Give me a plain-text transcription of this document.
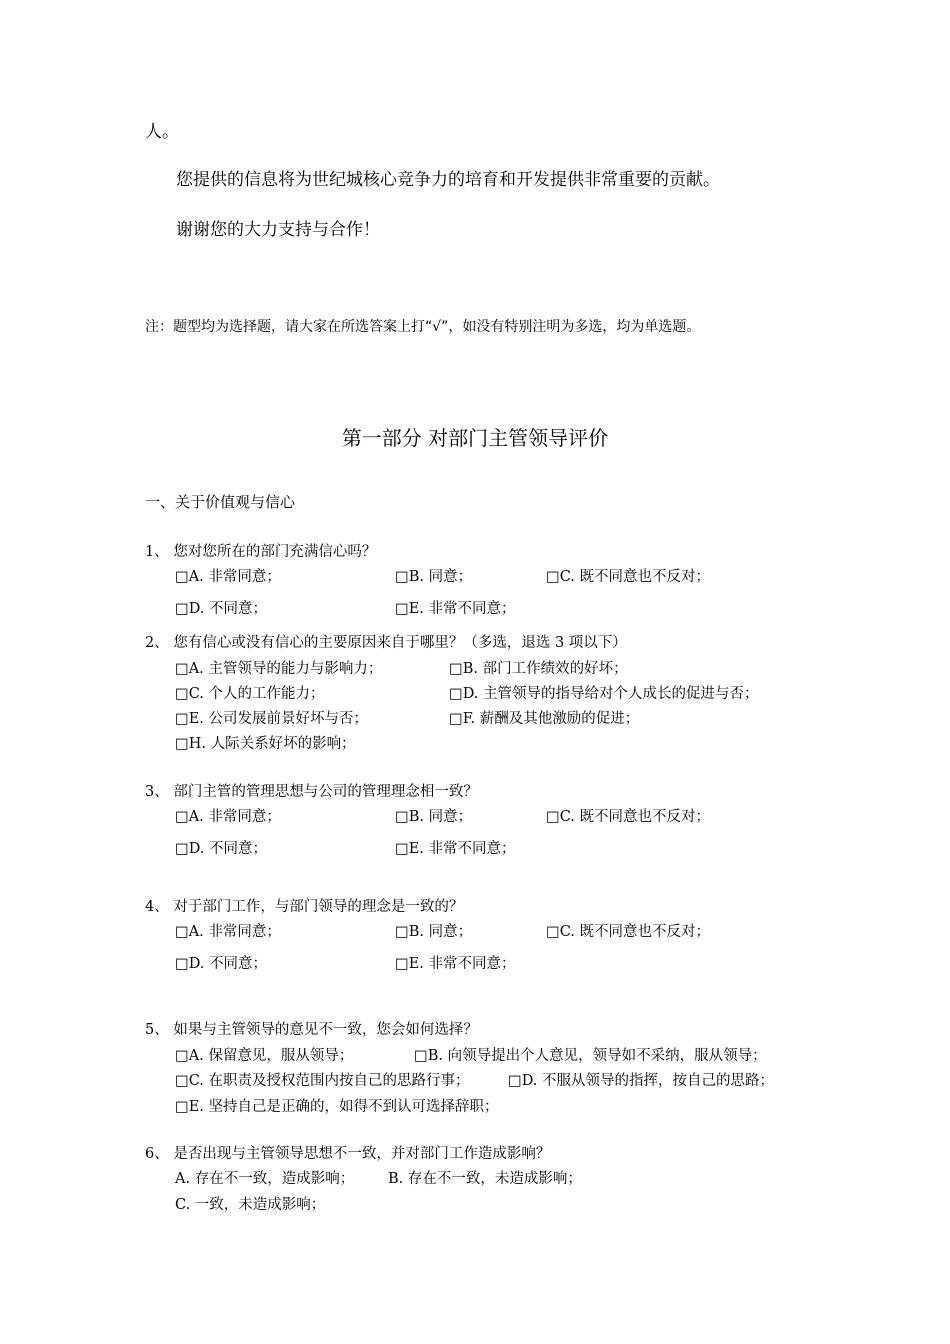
人。
您提供的信息将为世纪城核心竞争力的培育和开发提供非常重要的贡献。
谢谢您的大力支持与合作！
注：题型均为选择题，请大家在所选答案上打“√”，如没有特别注明为多选，均为单选题。
第一部分 对部门主管领导评价
一、关于价值观与信心
1、 您对您所在的部门充满信心吗？
□A. 非常同意；	□B. 同意；	□C. 既不同意也不反对；
□D. 不同意；	□E. 非常不同意；
2、 您有信心或没有信心的主要原因来自于哪里？（多选，退选 3 项以下）
□A. 主管领导的能力与影响力；	□B. 部门工作绩效的好坏；
□C. 个人的工作能力；	□D. 主管领导的指导给对个人成长的促进与否；
□E. 公司发展前景好坏与否；	□F. 薪酬及其他激励的促进；
□H. 人际关系好坏的影响；
3、 部门主管的管理思想与公司的管理理念相一致？
□A. 非常同意；	□B. 同意；	□C. 既不同意也不反对；
□D. 不同意；	□E. 非常不同意；
4、 对于部门工作，与部门领导的理念是一致的？
□A. 非常同意；	□B. 同意；	□C. 既不同意也不反对；
□D. 不同意；	□E. 非常不同意；
5、 如果与主管领导的意见不一致，您会如何选择？
□A. 保留意见，服从领导；	□B. 向领导提出个人意见，领导如不采纳，服从领导；
□C. 在职责及授权范围内按自己的思路行事；	□D. 不服从领导的指挥，按自己的思路；
□E. 坚持自己是正确的，如得不到认可选择辞职；
6、 是否出现与主管领导思想不一致，并对部门工作造成影响？
A. 存在不一致，造成影响； B. 存在不一致，未造成影响；
C. 一致，未造成影响；
